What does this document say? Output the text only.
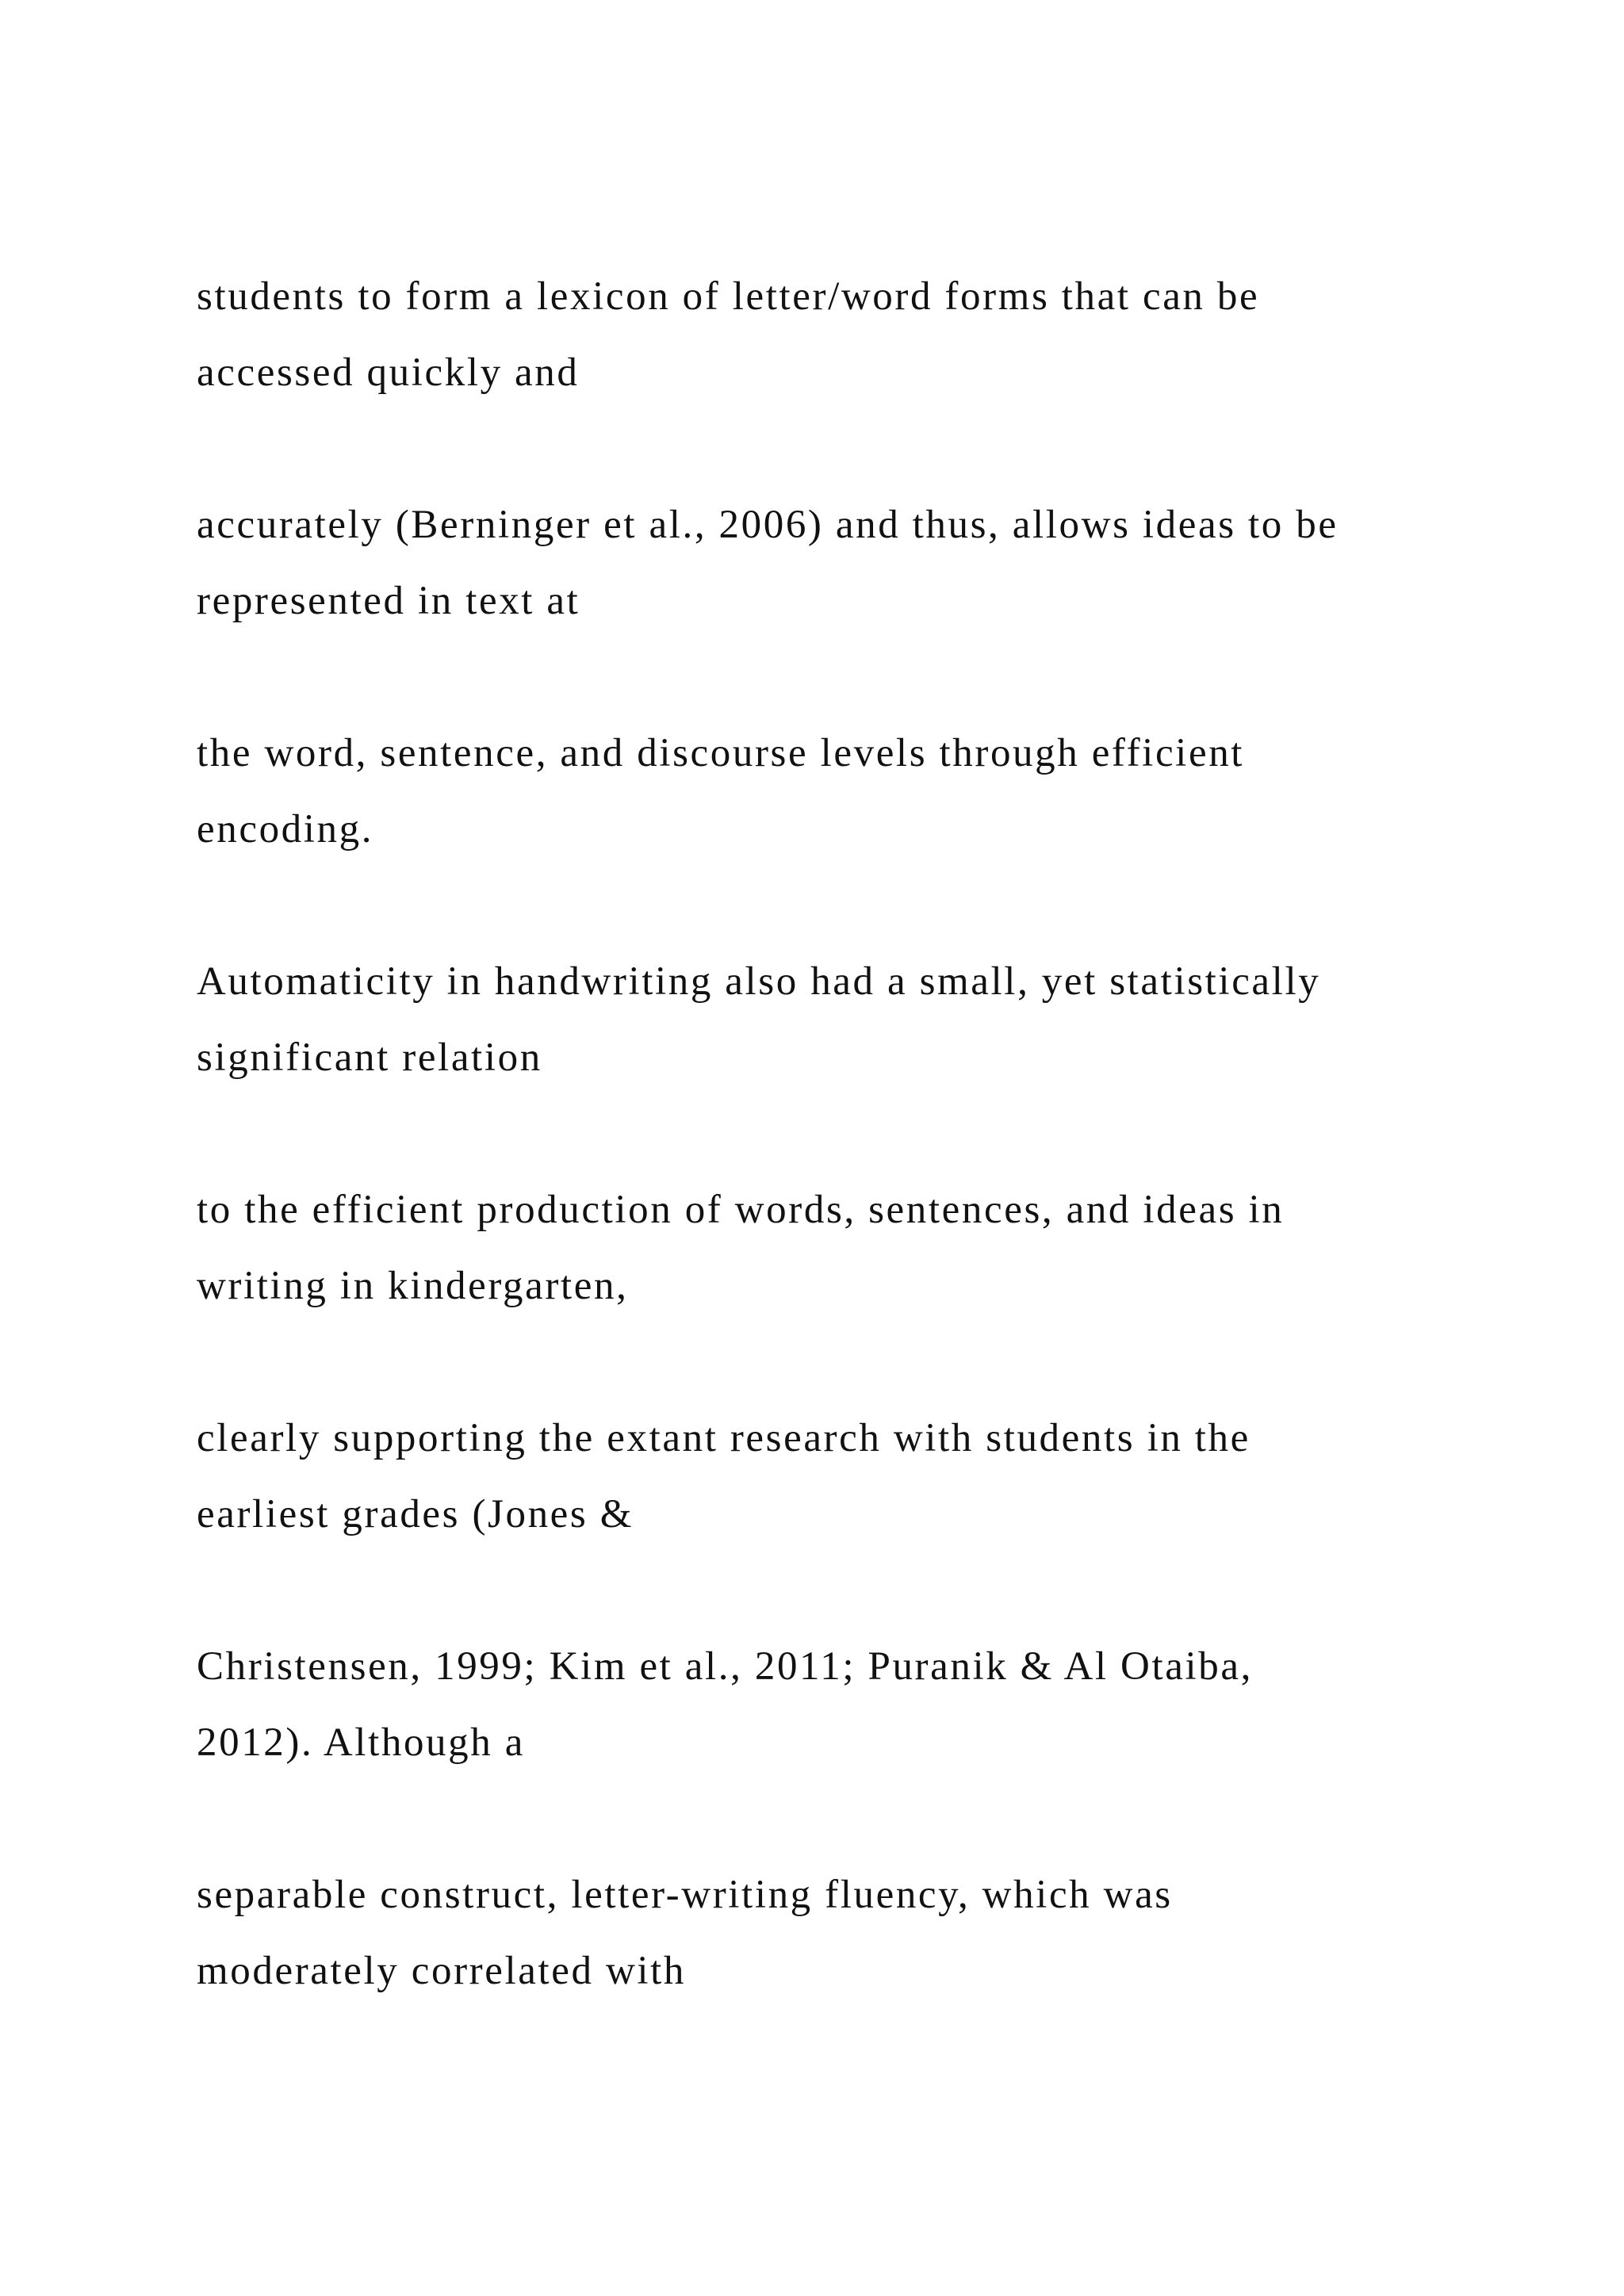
students to form a lexicon of letter/word forms that can be
accessed quickly and

accurately (Berninger et al., 2006) and thus, allows ideas to be
represented in text at

the word, sentence, and discourse levels through efficient
encoding.

Automaticity in handwriting also had a small, yet statistically
significant relation

to the efficient production of words, sentences, and ideas in
writing in kindergarten,

clearly supporting the extant research with students in the
earliest grades (Jones &

Christensen, 1999; Kim et al., 2011; Puranik & Al Otaiba,
2012). Although a

separable construct, letter-writing fluency, which was
moderately correlated with
